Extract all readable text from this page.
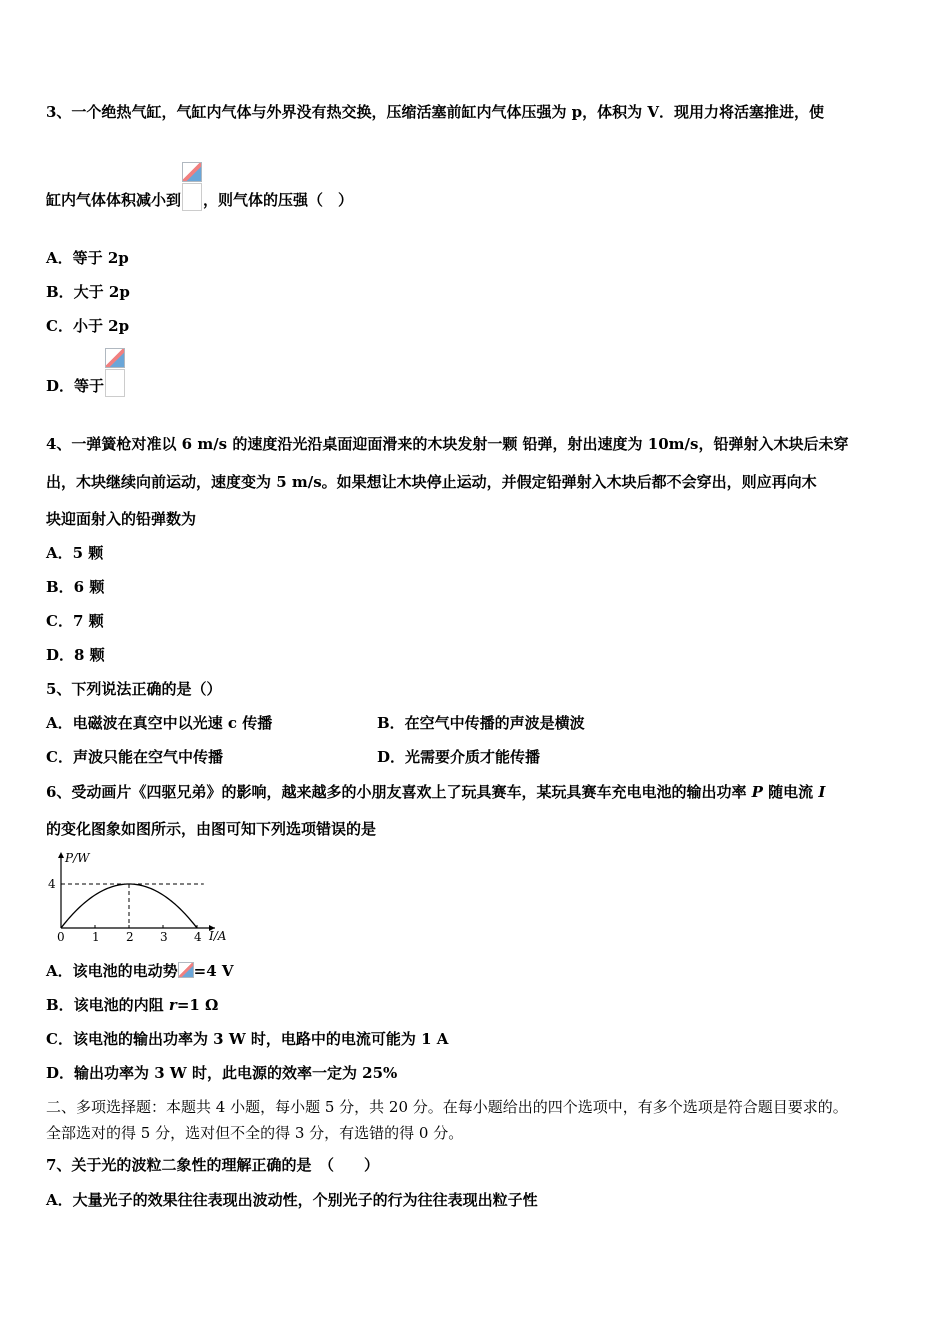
3、一个绝热气缸，气缸内气体与外界没有热交换，压缩活塞前缸内气体压强为 p，体积为 V．现用力将活塞推进，使
缸内气体体积减小到 ，则气体的压强（　）
A．等于 2p
B．大于 2p
C．小于 2p
D．等于
4、一弹簧枪对准以 6 m/s 的速度沿光沿桌面迎面滑来的木块发射一颗 铅弹，射出速度为 10m/s，铅弹射入木块后未穿
出，木块继续向前运动，速度变为 5 m/s。如果想让木块停止运动，并假定铅弹射入木块后都不会穿出，则应再向木
块迎面射入的铅弹数为
A．5 颗
B．6 颗
C．7 颗
D．8 颗
5、下列说法正确的是（）
A．电磁波在真空中以光速 c 传播	B．在空气中传播的声波是横波
C．声波只能在空气中传播	D．光需要介质才能传播
6、受动画片《四驱兄弟》的影响，越来越多的小朋友喜欢上了玩具赛车，某玩具赛车充电电池的输出功率 P 随电流 I
的变化图象如图所示，由图可知下列选项错误的是
P/W
I/A
0 1 2 3 4
4
A．该电池的电动势 =4 V
B．该电池的内阻 r=1 Ω
C．该电池的输出功率为 3 W 时，电路中的电流可能为 1 A
D．输出功率为 3 W 时，此电源的效率一定为 25%
二、多项选择题：本题共 4 小题，每小题 5 分，共 20 分。在每小题给出的四个选项中，有多个选项是符合题目要求的。
全部选对的得 5 分，选对但不全的得 3 分，有选错的得 0 分。
7、关于光的波粒二象性的理解正确的是　（　　）
A．大量光子的效果往往表现出波动性，个别光子的行为往往表现出粒子性
